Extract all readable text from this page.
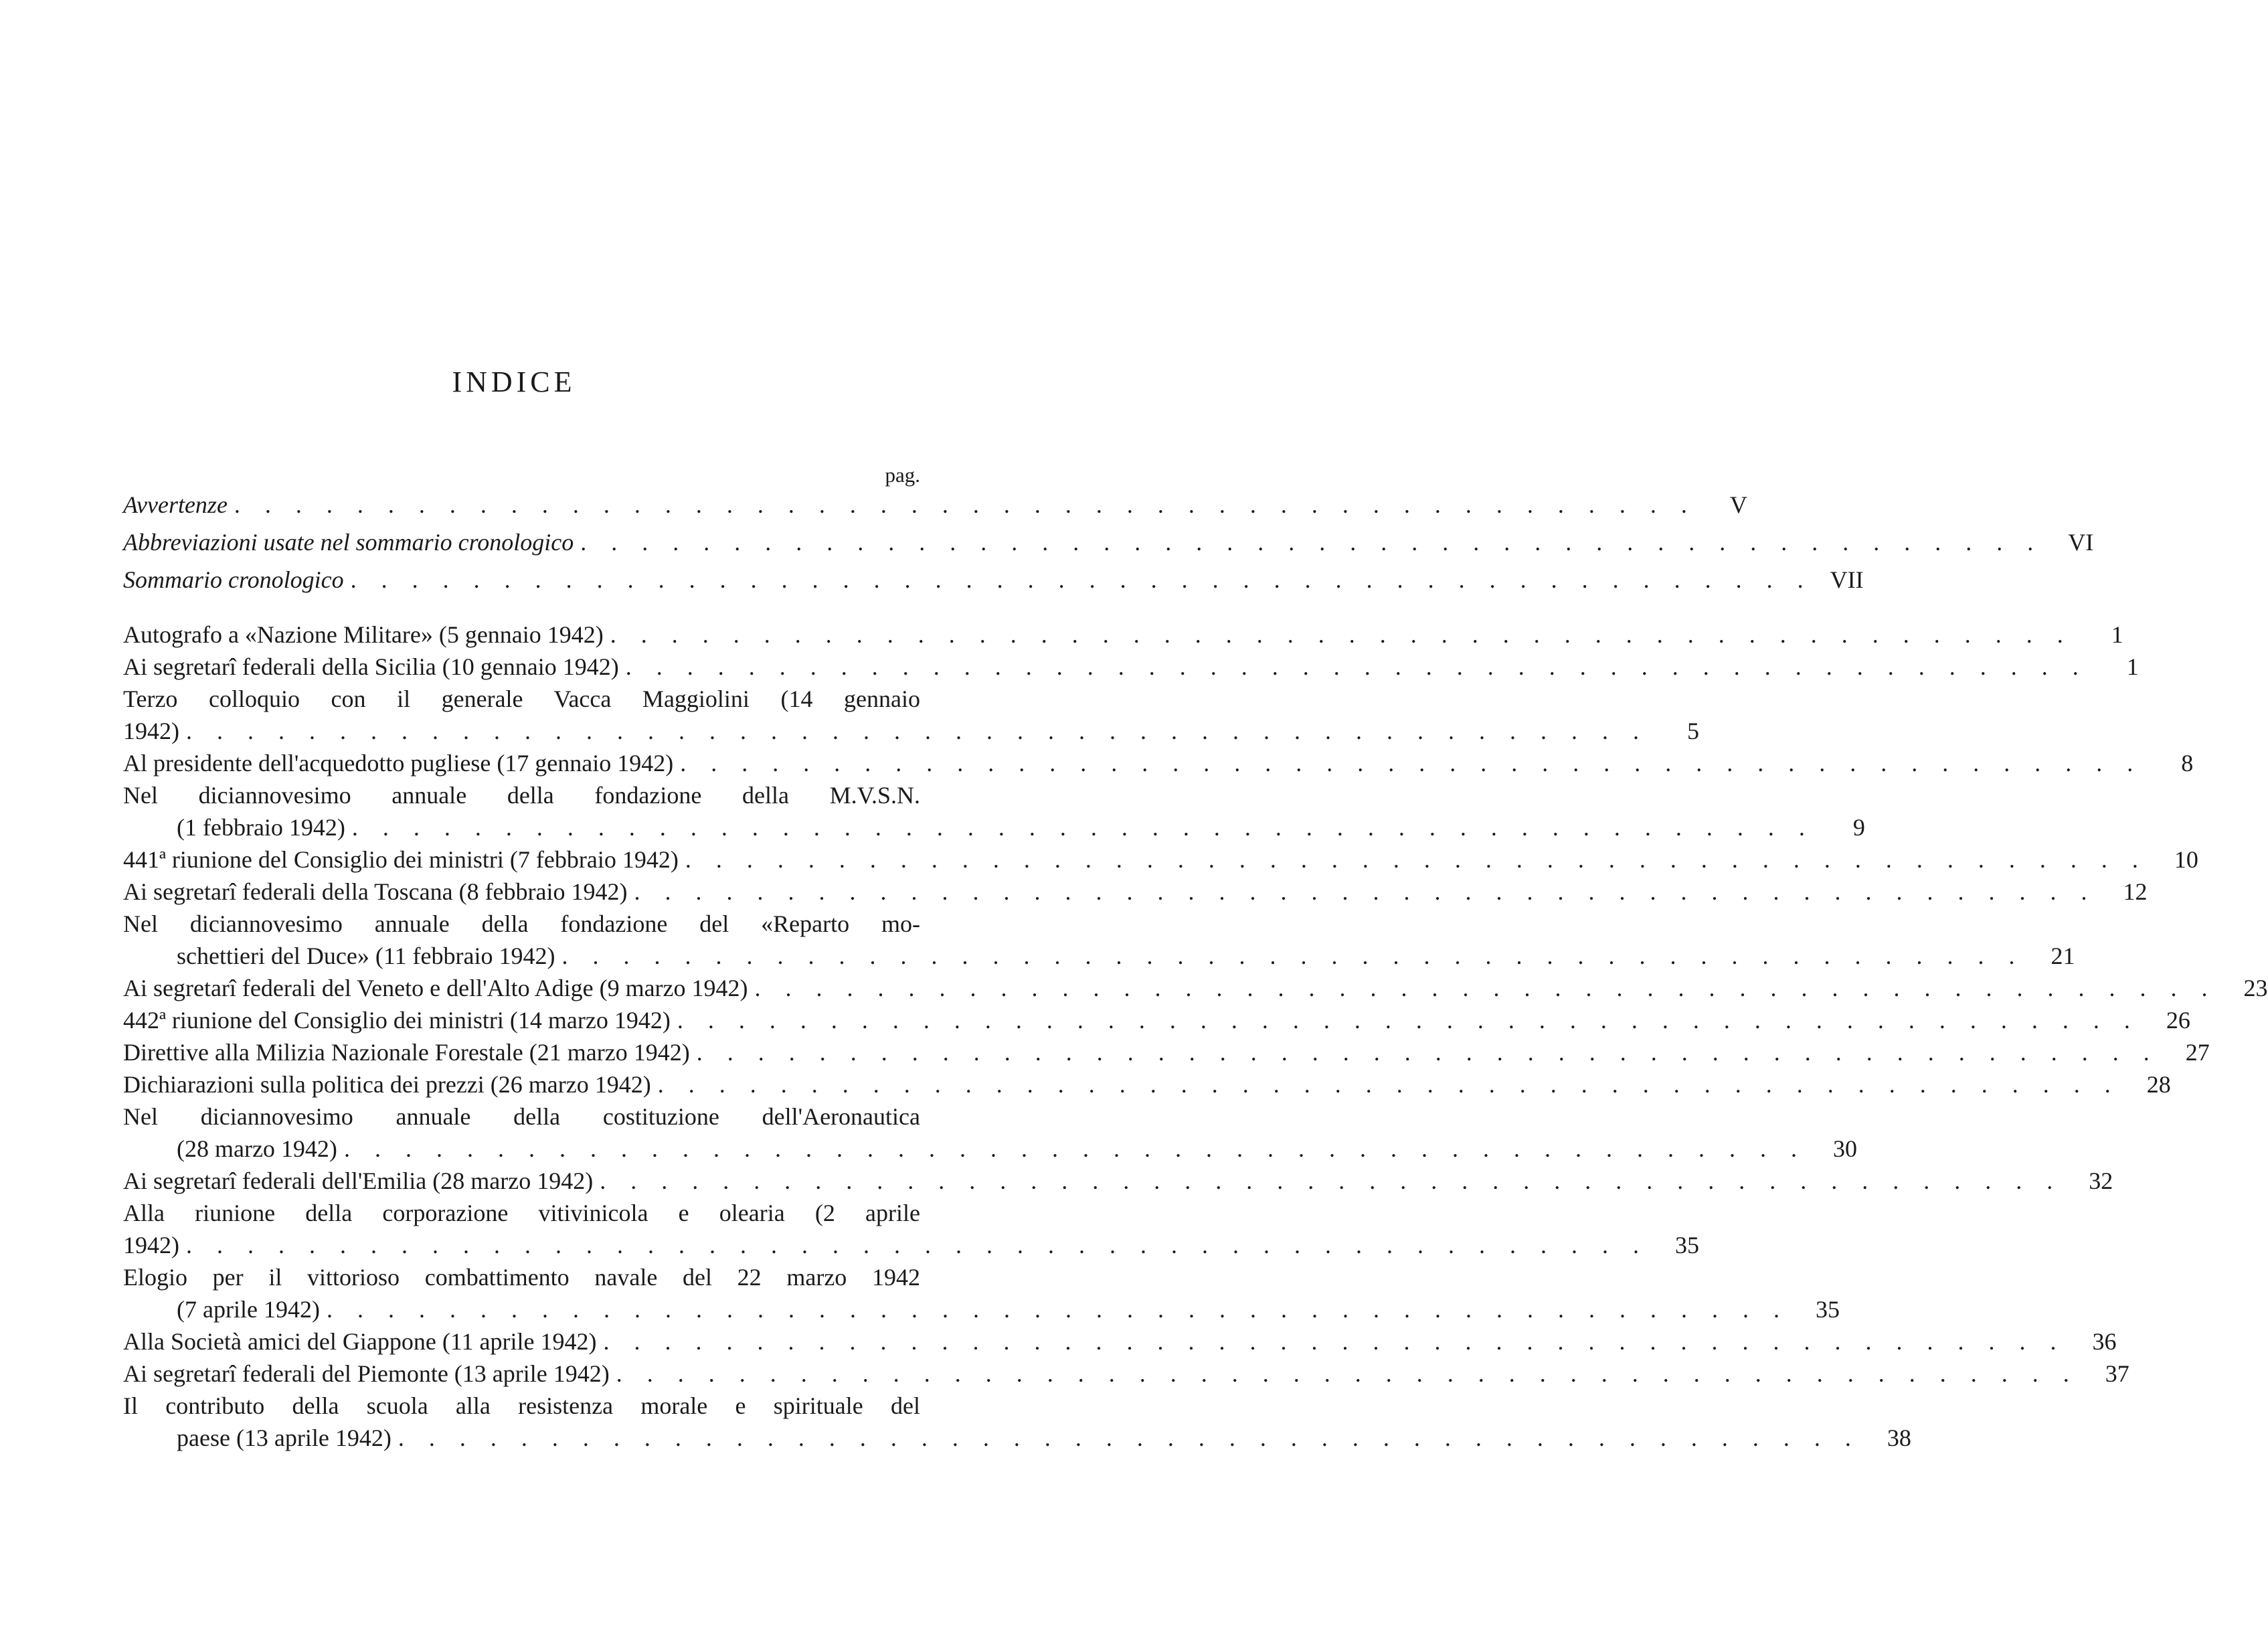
INDICE
pag.
Avvertenze . . . . . . . . . . . . . . . . . . . . . . . . . . . . . . . . . . . . . . . . . . . . . . . .	V
Abbreviazioni usate nel sommario cronologico . . . . . . . . . . . . . . . . . . . . . . . . . . . . . . . . . . . . . . . . . . . . . . . .	VI
Sommario cronologico . . . . . . . . . . . . . . . . . . . . . . . . . . . . . . . . . . . . . . . . . . . . . . . . VII
Autografo a «Nazione Militare» (5 gennaio 1942) . . . . . . . . . . . . . . . . . . . . . . . . . . . . . . . . . . . . . . . . . . . . . . . .	1
Ai segretarî federali della Sicilia (10 gennaio 1942) . . . . . . . . . . . . . . . . . . . . . . . . . . . . . . . . . . . . . . . . . . . . . . . .	1
Terzo colloquio con il generale Vacca Maggiolini (14 gennaio
1942) . . . . . . . . . . . . . . . . . . . . . . . . . . . . . . . . . . . . . . . . . . . . . . . .	5
Al presidente dell'acquedotto pugliese (17 gennaio 1942) . . . . . . . . . . . . . . . . . . . . . . . . . . . . . . . . . . . . . . . . . . . . . . . .	8
Nel diciannovesimo annuale della fondazione della M.V.S.N.
(1 febbraio 1942) . . . . . . . . . . . . . . . . . . . . . . . . . . . . . . . . . . . . . . . . . . . . . . . .	9
441ª riunione del Consiglio dei ministri (7 febbraio 1942) . . . . . . . . . . . . . . . . . . . . . . . . . . . . . . . . . . . . . . . . . . . . . . . .	10
Ai segretarî federali della Toscana (8 febbraio 1942) . . . . . . . . . . . . . . . . . . . . . . . . . . . . . . . . . . . . . . . . . . . . . . . .	12
Nel diciannovesimo annuale della fondazione del «Reparto mo-
schettieri del Duce» (11 febbraio 1942) . . . . . . . . . . . . . . . . . . . . . . . . . . . . . . . . . . . . . . . . . . . . . . . .	21
Ai segretarî federali del Veneto e dell'Alto Adige (9 marzo 1942) . . . . . . . . . . . . . . . . . . . . . . . . . . . . . . . . . . . . . . . . . . . . . . . .	23
442ª riunione del Consiglio dei ministri (14 marzo 1942) . . . . . . . . . . . . . . . . . . . . . . . . . . . . . . . . . . . . . . . . . . . . . . . .	26
Direttive alla Milizia Nazionale Forestale (21 marzo 1942) . . . . . . . . . . . . . . . . . . . . . . . . . . . . . . . . . . . . . . . . . . . . . . . .	27
Dichiarazioni sulla politica dei prezzi (26 marzo 1942) . . . . . . . . . . . . . . . . . . . . . . . . . . . . . . . . . . . . . . . . . . . . . . . .	28
Nel diciannovesimo annuale della costituzione dell'Aeronautica
(28 marzo 1942) . . . . . . . . . . . . . . . . . . . . . . . . . . . . . . . . . . . . . . . . . . . . . . . .	30
Ai segretarî federali dell'Emilia (28 marzo 1942) . . . . . . . . . . . . . . . . . . . . . . . . . . . . . . . . . . . . . . . . . . . . . . . .	32
Alla riunione della corporazione vitivinicola e olearia (2 aprile
1942) . . . . . . . . . . . . . . . . . . . . . . . . . . . . . . . . . . . . . . . . . . . . . . . .	35
Elogio per il vittorioso combattimento navale del 22 marzo 1942
(7 aprile 1942) . . . . . . . . . . . . . . . . . . . . . . . . . . . . . . . . . . . . . . . . . . . . . . . .	35
Alla Società amici del Giappone (11 aprile 1942) . . . . . . . . . . . . . . . . . . . . . . . . . . . . . . . . . . . . . . . . . . . . . . . .	36
Ai segretarî federali del Piemonte (13 aprile 1942) . . . . . . . . . . . . . . . . . . . . . . . . . . . . . . . . . . . . . . . . . . . . . . . .	37
Il contributo della scuola alla resistenza morale e spirituale del
paese (13 aprile 1942) . . . . . . . . . . . . . . . . . . . . . . . . . . . . . . . . . . . . . . . . . . . . . . . .	38
